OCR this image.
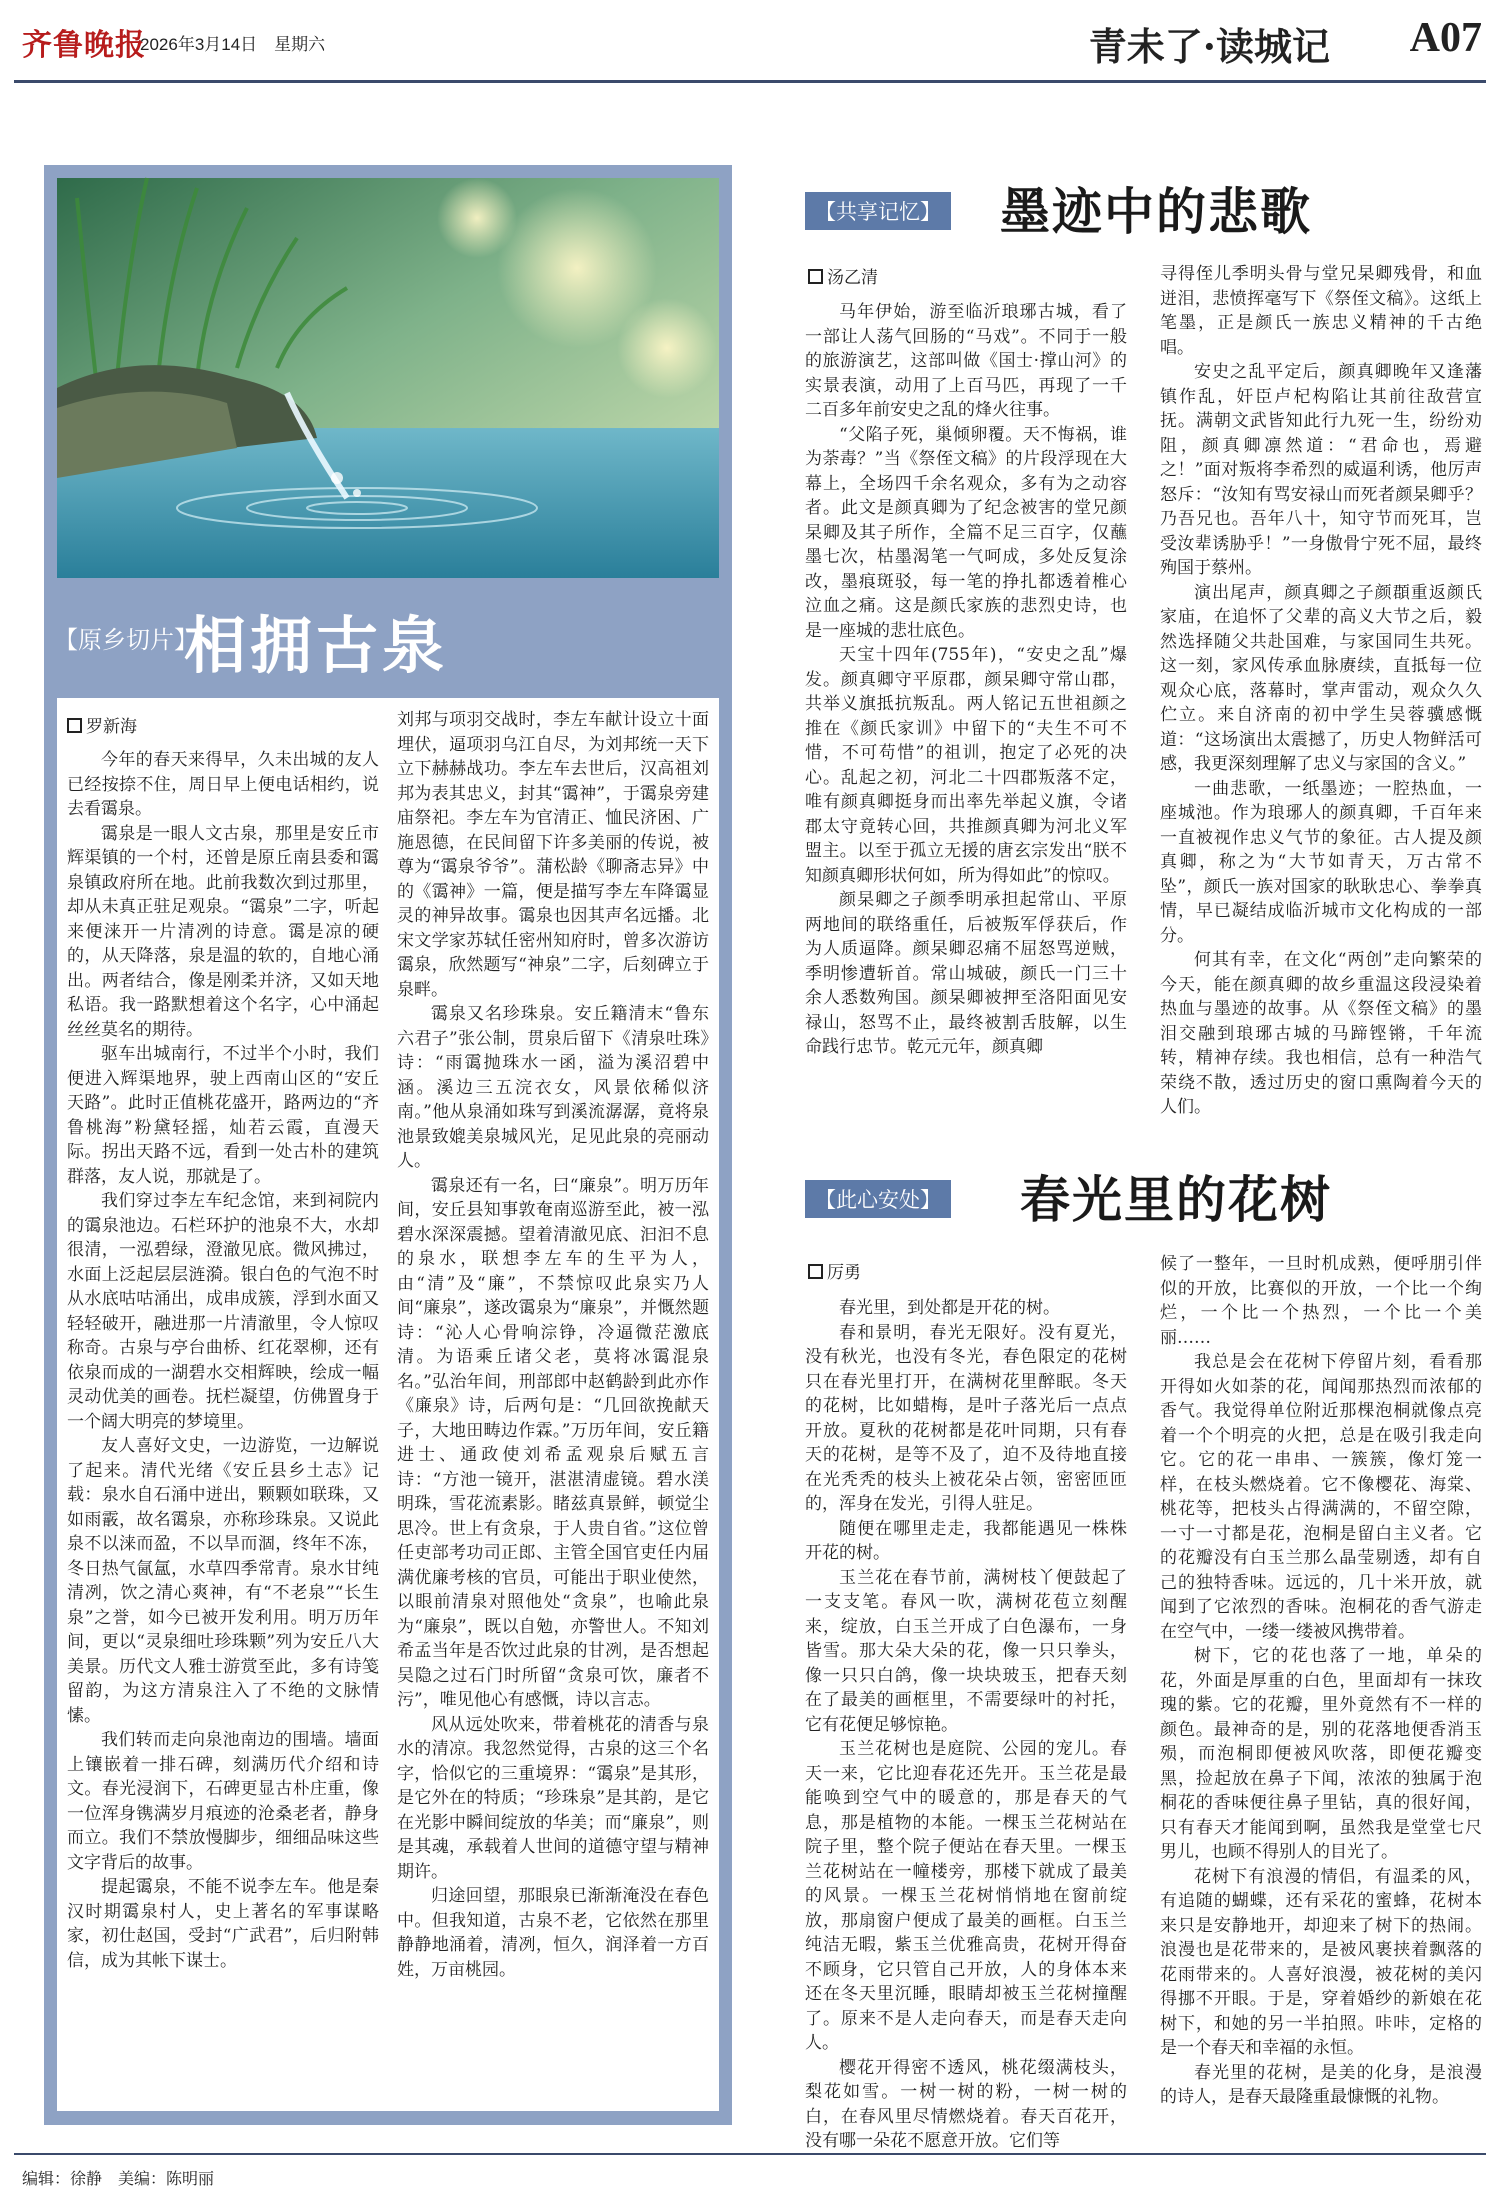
齐鲁晚报
2026年3月14日　星期六	青未了·读城记 A07
【原乡切片】
相拥古泉
罗新海

今年的春天来得早，久未出城的友人已经按捺不住，周日早上便电话相约，说去看霭泉。

霭泉是一眼人文古泉，那里是安丘市辉渠镇的一个村，还曾是原丘南县委和霭泉镇政府所在地。此前我数次到过那里，却从未真正驻足观泉。“霭泉”二字，听起来便涞开一片清冽的诗意。霭是凉的硬的，从天降落，泉是温的软的，自地心涌出。两者结合，像是刚柔并济，又如天地私语。我一路默想着这个名字，心中涌起丝丝莫名的期待。

驱车出城南行，不过半个小时，我们便进入辉渠地界，驶上西南山区的“安丘天路”。此时正值桃花盛开，路两边的“齐鲁桃海”粉黛轻摇，灿若云霞，直漫天际。拐出天路不远，看到一处古朴的建筑群落，友人说，那就是了。

我们穿过李左车纪念馆，来到祠院内的霭泉池边。石栏环护的池泉不大，水却很清，一泓碧绿，澄澈见底。微风拂过，水面上泛起层层涟漪。银白色的气泡不时从水底咕咕涌出，成串成簇，浮到水面又轻轻破开，融进那一片清澈里，令人惊叹称奇。古泉与亭台曲桥、红花翠柳，还有依泉而成的一湖碧水交相辉映，绘成一幅灵动优美的画卷。抚栏凝望，仿佛置身于一个阔大明亮的梦境里。

友人喜好文史，一边游览，一边解说了起来。清代光绪《安丘县乡土志》记载：泉水自石涌中迸出，颗颗如联珠，又如雨霰，故名霭泉，亦称珍珠泉。又说此泉不以涞而盈，不以旱而涸，终年不冻，冬日热气氤氲，水草四季常青。泉水甘纯清冽，饮之清心爽神，有“不老泉”“长生泉”之誉，如今已被开发利用。明万历年间，更以“灵泉细吐珍珠颗”列为安丘八大美景。历代文人雅士游赏至此，多有诗笺留韵，为这方清泉注入了不绝的文脉情愫。

我们转而走向泉池南边的围墙。墙面上镶嵌着一排石碑，刻满历代介绍和诗文。春光浸润下，石碑更显古朴庄重，像一位浑身镌满岁月痕迹的沧桑老者，静身而立。我们不禁放慢脚步，细细品味这些文字背后的故事。

提起霭泉，不能不说李左车。他是秦汉时期霭泉村人，史上著名的军事谋略家，初仕赵国，受封“广武君”，后归附韩信，成为其帐下谋士。

刘邦与项羽交战时，李左车献计设立十面埋伏，逼项羽乌江自尽，为刘邦统一天下立下赫赫战功。李左车去世后，汉高祖刘邦为表其忠义，封其“霭神”，于霭泉旁建庙祭祀。李左车为官清正、恤民济困、广施恩德，在民间留下许多美丽的传说，被尊为“霭泉爷爷”。蒲松龄《聊斋志异》中的《霭神》一篇，便是描写李左车降霭显灵的神异故事。霭泉也因其声名远播。北宋文学家苏轼任密州知府时，曾多次游访霭泉，欣然题写“神泉”二字，后刻碑立于泉畔。

霭泉又名珍珠泉。安丘籍清末“鲁东六君子”张公制，贯泉后留下《清泉吐珠》诗：“雨霭抛珠水一函，溢为溪沼碧中涵。溪边三五浣衣女，风景依稀似济南。”他从泉涌如珠写到溪流潺潺，竟将泉池景致媲美泉城风光，足见此泉的亮丽动人。

霭泉还有一名，曰“廉泉”。明万历年间，安丘县知事敦奄南巡游至此，被一泓碧水深深震撼。望着清澈见底、汩汩不息的泉水，联想李左车的生平为人，由“清”及“廉”，不禁惊叹此泉实乃人间“廉泉”，遂改霭泉为“廉泉”，并慨然题诗：“沁人心骨响淙铮，冷逼微茫激底清。为语乘丘诸父老，莫将冰霭混泉名。”弘治年间，刑部郎中赵鹤龄到此亦作《廉泉》诗，后两句是：“几回欲挽献天子，大地田畴边作霖。”万历年间，安丘籍进士、通政使刘希孟观泉后赋五言诗：“方池一镜开，湛湛清虚镜。碧水渼明珠，雪花流素影。睹兹真景鲜，顿觉尘思冷。世上有贪泉，于人贵自省。”这位曾任吏部考功司正郎、主管全国官吏任内届满优廉考核的官员，可能出于职业使然，以眼前清泉对照他处“贪泉”，也喻此泉为“廉泉”，既以自勉，亦警世人。不知刘希孟当年是否饮过此泉的甘冽，是否想起吴隐之过石门时所留“贪泉可饮，廉者不污”，唯见他心有感慨，诗以言志。

风从远处吹来，带着桃花的清香与泉水的清凉。我忽然觉得，古泉的这三个名字，恰似它的三重境界：“霭泉”是其形，是它外在的特质；“珍珠泉”是其韵，是它在光影中瞬间绽放的华美；而“廉泉”，则是其魂，承载着人世间的道德守望与精神期许。

归途回望，那眼泉已渐渐淹没在春色中。但我知道，古泉不老，它依然在那里静静地涌着，清冽，恒久，润泽着一方百姓，万亩桃园。

【共享记忆】 墨迹中的悲歌
汤乙清

马年伊始，游至临沂琅琊古城，看了一部让人荡气回肠的“马戏”。不同于一般的旅游演艺，这部叫做《国士·撑山河》的实景表演，动用了上百马匹，再现了一千二百多年前安史之乱的烽火往事。

“父陷子死，巢倾卵覆。天不悔祸，谁为荼毒？”当《祭侄文稿》的片段浮现在大幕上，全场四千余名观众，多有为之动容者。此文是颜真卿为了纪念被害的堂兄颜杲卿及其子所作，全篇不足三百字，仅蘸墨七次，枯墨渴笔一气呵成，多处反复涂改，墨痕斑驳，每一笔的挣扎都透着椎心泣血之痛。这是颜氏家族的悲烈史诗，也是一座城的悲壮底色。

天宝十四年(755年)，“安史之乱”爆发。颜真卿守平原郡，颜杲卿守常山郡，共举义旗抵抗叛乱。两人铭记五世祖颜之推在《颜氏家训》中留下的“夫生不可不惜，不可苟惜”的祖训，抱定了必死的决心。乱起之初，河北二十四郡叛落不定，唯有颜真卿挺身而出率先举起义旗，令诸郡太守竟转心回，共推颜真卿为河北义军盟主。以至于孤立无援的唐玄宗发出“朕不知颜真卿形状何如，所为得如此”的惊叹。

颜杲卿之子颜季明承担起常山、平原两地间的联络重任，后被叛军俘获后，作为人质逼降。颜杲卿忍痛不屈怒骂逆贼，季明惨遭斩首。常山城破，颜氏一门三十余人悉数殉国。颜杲卿被押至洛阳面见安禄山，怒骂不止，最终被割舌肢解，以生命践行忠节。乾元元年，颜真卿

寻得侄儿季明头骨与堂兄杲卿残骨，和血迸泪，悲愤挥毫写下《祭侄文稿》。这纸上笔墨，正是颜氏一族忠义精神的千古绝唱。

安史之乱平定后，颜真卿晚年又逢藩镇作乱，奸臣卢杞构陷让其前往敌营宣抚。满朝文武皆知此行九死一生，纷纷劝阻，颜真卿凛然道：“君命也，焉避之！”面对叛将李希烈的威逼利诱，他厉声怒斥：“汝知有骂安禄山而死者颜杲卿乎？乃吾兄也。吾年八十，知守节而死耳，岂受汝辈诱胁乎！”一身傲骨宁死不屈，最终殉国于蔡州。

演出尾声，颜真卿之子颜頵重返颜氏家庙，在追怀了父辈的高义大节之后，毅然选择随父共赴国难，与家国同生共死。这一刻，家风传承血脉赓续，直抵每一位观众心底，落幕时，掌声雷动，观众久久伫立。来自济南的初中学生吴蓉骥感慨道：“这场演出太震撼了，历史人物鲜活可感，我更深刻理解了忠义与家国的含义。”

一曲悲歌，一纸墨迹；一腔热血，一座城池。作为琅琊人的颜真卿，千百年来一直被视作忠义气节的象征。古人提及颜真卿，称之为“大节如青天，万古常不坠”，颜氏一族对国家的耿耿忠心、拳拳真情，早已凝结成临沂城市文化构成的一部分。

何其有幸，在文化“两创”走向繁荣的今天，能在颜真卿的故乡重温这段浸染着热血与墨迹的故事。从《祭侄文稿》的墨泪交融到琅琊古城的马蹄铿锵，千年流转，精神存续。我也相信，总有一种浩气荣绕不散，透过历史的窗口熏陶着今天的人们。

【此心安处】 春光里的花树
厉勇

春光里，到处都是开花的树。

春和景明，春光无限好。没有夏光，没有秋光，也没有冬光，春色限定的花树只在春光里打开，在满树花里醉眠。冬天的花树，比如蜡梅，是叶子落光后一点点开放。夏秋的花树都是花叶同期，只有春天的花树，是等不及了，迫不及待地直接在光秃秃的枝头上被花朵占领，密密匝匝的，浑身在发光，引得人驻足。

随便在哪里走走，我都能遇见一株株开花的树。

玉兰花在春节前，满树枝丫便鼓起了一支支笔。春风一吹，满树花苞立刻醒来，绽放，白玉兰开成了白色瀑布，一身皆雪。那大朵大朵的花，像一只只拳头，像一只只白鸽，像一块块玻玉，把春天刻在了最美的画框里，不需要绿叶的衬托，它有花便足够惊艳。

玉兰花树也是庭院、公园的宠儿。春天一来，它比迎春花还先开。玉兰花是最能唤到空气中的暖意的，那是春天的气息，那是植物的本能。一棵玉兰花树站在院子里，整个院子便站在春天里。一棵玉兰花树站在一幢楼旁，那楼下就成了最美的风景。一棵玉兰花树悄悄地在窗前绽放，那扇窗户便成了最美的画框。白玉兰纯洁无暇，紫玉兰优雅高贵，花树开得奋不顾身，它只管自己开放，人的身体本来还在冬天里沉睡，眼睛却被玉兰花树撞醒了。原来不是人走向春天，而是春天走向人。

樱花开得密不透风，桃花缀满枝头，梨花如雪。一树一树的粉，一树一树的白，在春风里尽情燃烧着。春天百花开，没有哪一朵花不愿意开放。它们等

候了一整年，一旦时机成熟，便呼朋引伴似的开放，比赛似的开放，一个比一个绚烂，一个比一个热烈，一个比一个美丽……

我总是会在花树下停留片刻，看看那开得如火如荼的花，闻闻那热烈而浓郁的香气。我觉得单位附近那棵泡桐就像点亮着一个个明亮的火把，总是在吸引我走向它。它的花一串串、一簇簇，像灯笼一样，在枝头燃烧着。它不像樱花、海棠、桃花等，把枝头占得满满的，不留空隙，一寸一寸都是花，泡桐是留白主义者。它的花瓣没有白玉兰那么晶莹剔透，却有自己的独特香味。远远的，几十米开放，就闻到了它浓烈的香味。泡桐花的香气游走在空气中，一缕一缕被风携带着。

树下，它的花也落了一地，单朵的花，外面是厚重的白色，里面却有一抹玫瑰的紫。它的花瓣，里外竟然有不一样的颜色。最神奇的是，别的花落地便香消玉殒，而泡桐即便被风吹落，即便花瓣变黑，捡起放在鼻子下闻，浓浓的独属于泡桐花的香味便往鼻子里钻，真的很好闻，只有春天才能闻到啊，虽然我是堂堂七尺男儿，也顾不得别人的目光了。

花树下有浪漫的情侣，有温柔的风，有追随的蝴蝶，还有采花的蜜蜂，花树本来只是安静地开，却迎来了树下的热闹。浪漫也是花带来的，是被风裹挟着飘落的花雨带来的。人喜好浪漫，被花树的美闪得挪不开眼。于是，穿着婚纱的新娘在花树下，和她的另一半拍照。咔咔，定格的是一个春天和幸福的永恒。

春光里的花树，是美的化身，是浪漫的诗人，是春天最隆重最慷慨的礼物。

编辑：徐静　美编：陈明丽
